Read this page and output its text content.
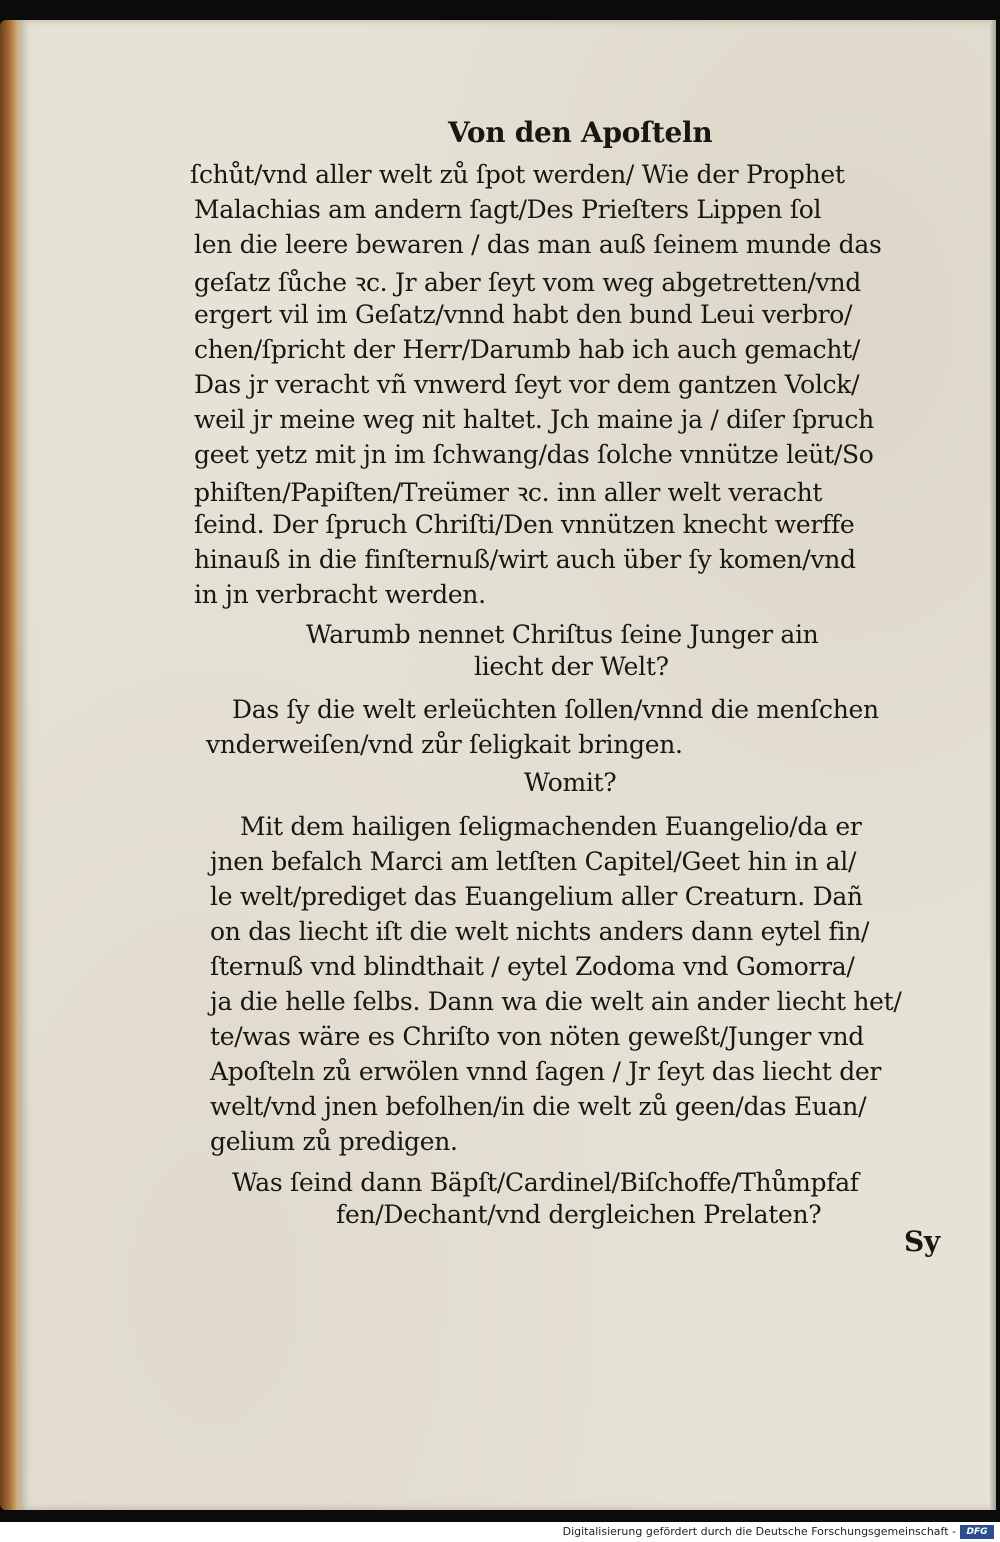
Von den Apoſteln
ſchůt/vnd aller welt zů ſpot werden/ Wie der Prophet
Malachias am andern ſagt/Des Prieſters Lippen ſol
len die leere bewaren / das man auß ſeinem munde das
geſatz ſůche ꝛc. Jr aber ſeyt vom weg abgetretten/vnd
ergert vil im Geſatz/vnnd habt den bund Leui verbro/
chen/ſpricht der Herr/Darumb hab ich auch gemacht/
Das jr veracht vñ vnwerd ſeyt vor dem gantzen Volck/
weil jr meine weg nit haltet. Jch maine ja / diſer ſpruch
geet yetz mit jn im ſchwang/das ſolche vnnütze leüt/So
phiſten/Papiſten/Treümer ꝛc. inn aller welt veracht
ſeind. Der ſpruch Chriſti/Den vnnützen knecht werffe
hinauß in die finſternuß/wirt auch über ſy komen/vnd
in jn verbracht werden.
Warumb nennet Chriſtus ſeine Junger ain
liecht der Welt?
Das ſy die welt erleüchten ſollen/vnnd die menſchen
vnderweiſen/vnd zůr ſeligkait bringen.
Womit?
Mit dem hailigen ſeligmachenden Euangelio/da er
jnen befalch Marci am letſten Capitel/Geet hin in al/
le welt/prediget das Euangelium aller Creaturn. Dañ
on das liecht iſt die welt nichts anders dann eytel fin/
ſternuß vnd blindthait / eytel Zodoma vnd Gomorra/
ja die helle ſelbs. Dann wa die welt ain ander liecht het/
te/was wäre es Chriſto von nöten geweßt/Junger vnd
Apoſteln zů erwölen vnnd ſagen / Jr ſeyt das liecht der
welt/vnd jnen befolhen/in die welt zů geen/das Euan/
gelium zů predigen.
Was ſeind dann Bäpſt/Cardinel/Biſchoffe/Thůmpfaf
fen/Dechant/vnd dergleichen Prelaten?
Sy
Digitalisierung gefördert durch die Deutsche Forschungsgemeinschaft -	DFG
